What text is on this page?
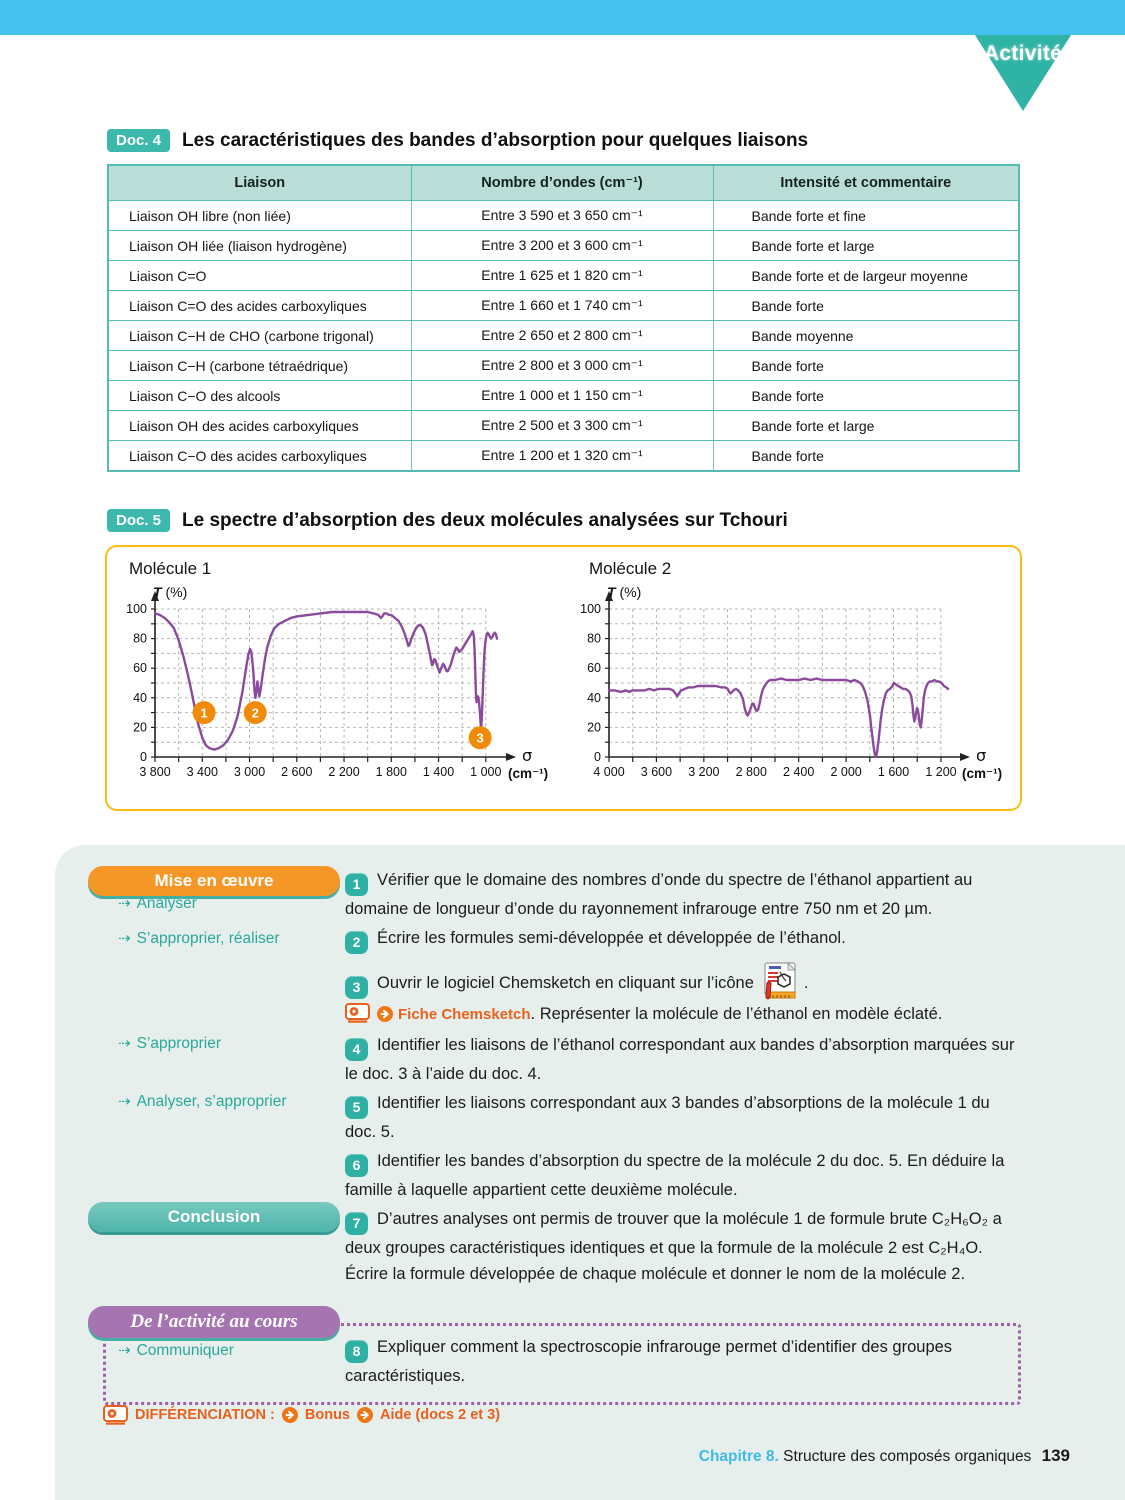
Activité
Doc. 4	Les caractéristiques des bandes d’absorption pour quelques liaisons
Liaison	Nombre d’ondes (cm⁻¹)	Intensité et commentaire
Liaison OH libre (non liée)	Entre 3 590 et 3 650 cm⁻¹	Bande forte et fine
Liaison OH liée (liaison hydrogène)	Entre 3 200 et 3 600 cm⁻¹	Bande forte et large
Liaison C=O	Entre 1 625 et 1 820 cm⁻¹	Bande forte et de largeur moyenne
Liaison C=O des acides carboxyliques	Entre 1 660 et 1 740 cm⁻¹	Bande forte
Liaison C−H de CHO (carbone trigonal)	Entre 2 650 et 2 800 cm⁻¹	Bande moyenne
Liaison C−H (carbone tétraédrique)	Entre 2 800 et 3 000 cm⁻¹	Bande forte
Liaison C−O des alcools	Entre 1 000 et 1 150 cm⁻¹	Bande forte
Liaison OH des acides carboxyliques	Entre 2 500 et 3 300 cm⁻¹	Bande forte et large
Liaison C−O des acides carboxyliques	Entre 1 200 et 1 320 cm⁻¹	Bande forte
Doc. 5	Le spectre d’absorption des deux molécules analysées sur Tchouri
Molécule 1	Molécule 2
3 800 3 400 3 000 2 600 2 200 1 800 1 400 1 000
0
20
40
60
80
100
T (%)
σ
(cm⁻¹)
1	2
3
4 000 3 600 3 200 2 800 2 400 2 000 1 600 1 200
0
20
40
60
80
100
T (%)
σ
(cm⁻¹)
Mise en œuvre
Conclusion
De l’activité au cours
⇢ Analyser
⇢ S’approprier, réaliser
⇢ S’approprier
⇢ Analyser, s’approprier
⇢ Communiquer
1 Vérifier que le domaine des nombres d’onde du spectre de l’éthanol appartient au domaine de longueur d’onde du rayonnement infrarouge entre 750 nm et 20 µm.
2 Écrire les formules semi-développée et développée de l’éthanol.
3 Ouvrir le logiciel Chemsketch en cliquant sur l’icône	.
Fiche Chemsketch. Représenter la molécule de l’éthanol en modèle éclaté.
4 Identifier les liaisons de l’éthanol correspondant aux bandes d’absorption marquées sur le doc. 3 à l’aide du doc. 4.
5 Identifier les liaisons correspondant aux 3 bandes d’absorptions de la molécule 1 du doc. 5.
6 Identifier les bandes d’absorption du spectre de la molécule 2 du doc. 5. En déduire la famille à laquelle appartient cette deuxième molécule.
7 D’autres analyses ont permis de trouver que la molécule 1 de formule brute C₂H₆O₂ a deux groupes caractéristiques identiques et que la formule de la molécule 2 est C₂H₄O. Écrire la formule développée de chaque molécule et donner le nom de la molécule 2.
8 Expliquer comment la spectroscopie infrarouge permet d’identifier des groupes caractéristiques.
DIFFÉRENCIATION : Bonus Aide (docs 2 et 3)
Chapitre 8. Structure des composés organiques 139
